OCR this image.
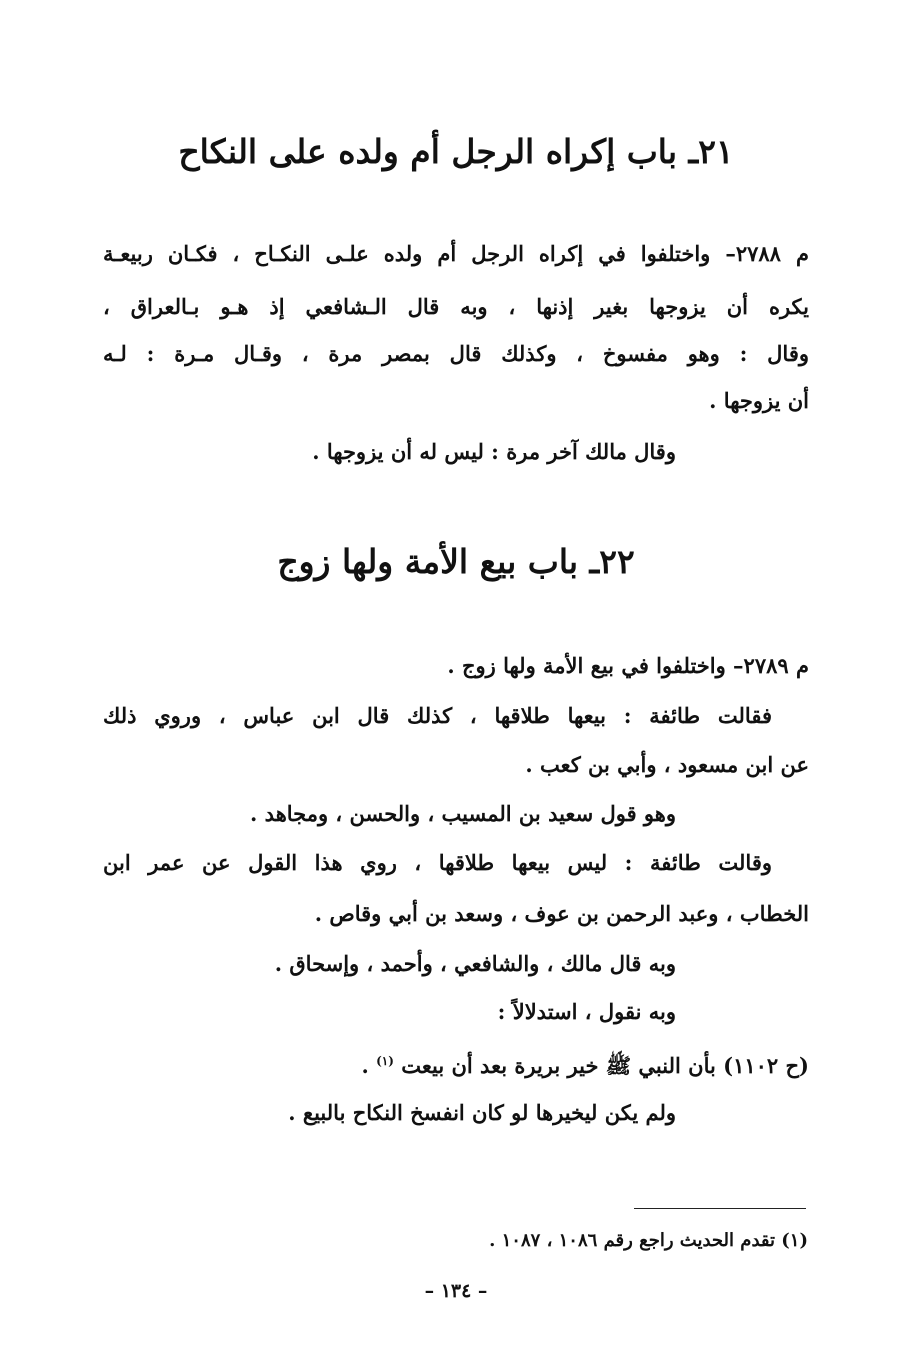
٢١ـ باب إكراه الرجل أم ولده على النكاح
م ٢٧٨٨– واختلفوا في إكراه الرجل أم ولده علـى النكـاح ، فكـان ربيعـة
يكره أن يزوجها بغير إذنها ، وبه قال الـشافعي إذ هـو بـالعراق ،
وقال : وهو مفسوخ ، وكذلك قال بمصر مرة ، وقـال مـرة : لـه
أن يزوجها .
وقال مالك آخر مرة : ليس له أن يزوجها .
٢٢ـ باب بيع الأمة ولها زوج
م ٢٧٨٩– واختلفوا في بيع الأمة ولها زوج .
فقالت طائفة : بيعها طلاقها ، كذلك قال ابن عباس ، وروي ذلك
عن ابن مسعود ، وأبي بن كعب .
وهو قول سعيد بن المسيب ، والحسن ، ومجاهد .
وقالت طائفة : ليس بيعها طلاقها ، روي هذا القول عن عمر ابن
الخطاب ، وعبد الرحمن بن عوف ، وسعد بن أبي وقاص .
وبه قال مالك ، والشافعي ، وأحمد ، وإسحاق .
وبه نقول ، استدلالاً :
(ح ١١٠٢) بأن النبي ﷺ خير بريرة بعد أن بيعت $^{(١)}$ .
ولم يكن ليخيرها لو كان انفسخ النكاح بالبيع .
(١) تقدم الحديث راجع رقم ١٠٨٦ ، ١٠٨٧ .
– ١٣٤ –
